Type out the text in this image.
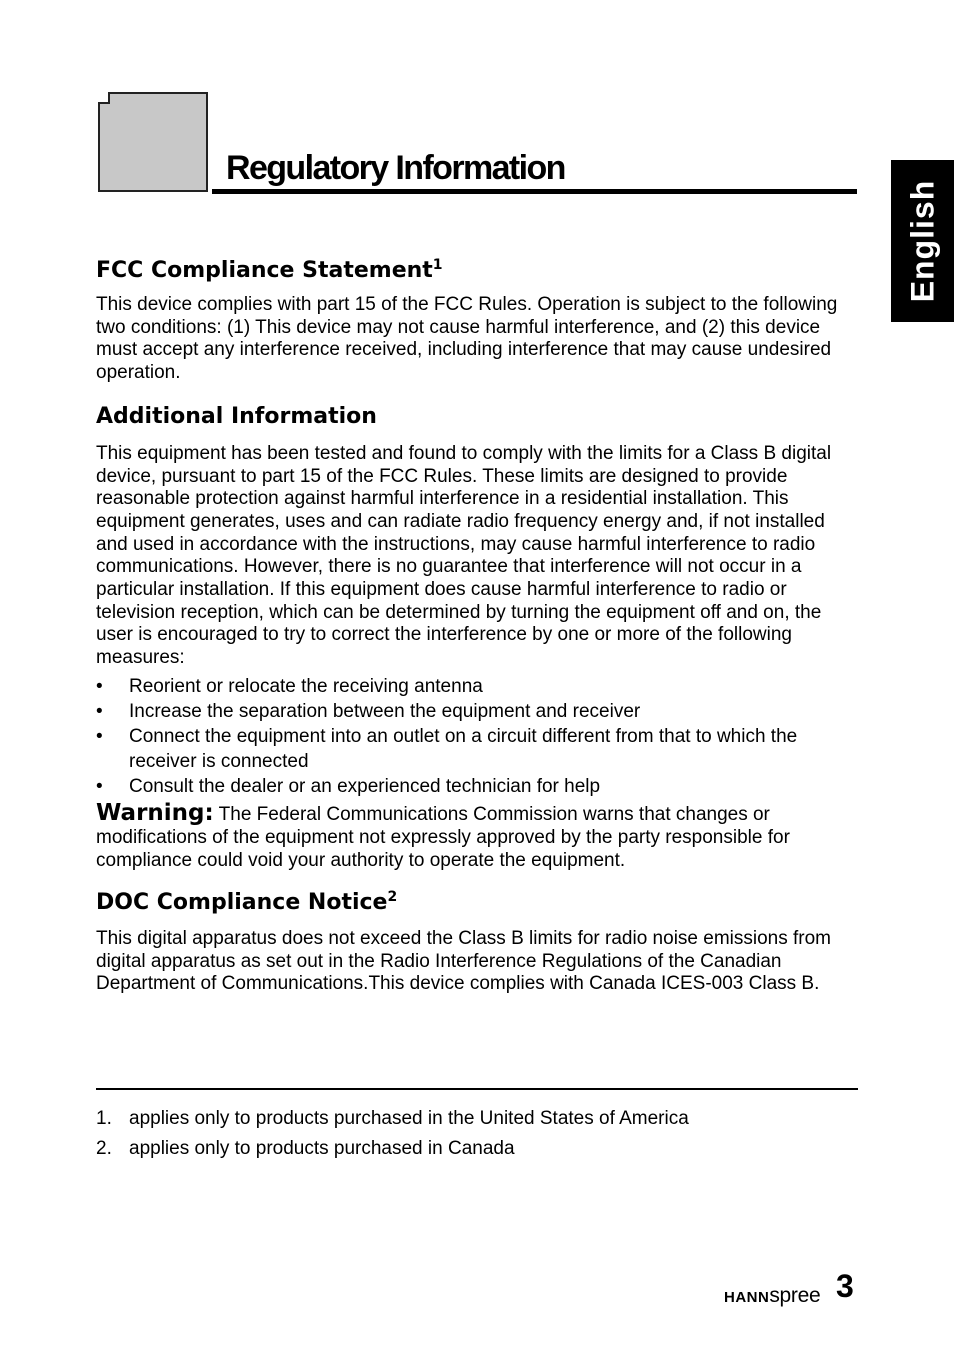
Regulatory Information
English
FCC Compliance Statement$^1$

This device complies with part 15 of the FCC Rules. Operation is subject to the following two conditions: (1) This device may not cause harmful interference, and (2) this device must accept any interference received, including interference that may cause undesired operation.

Additional Information

This equipment has been tested and found to comply with the limits for a Class B digital device, pursuant to part 15 of the FCC Rules. These limits are designed to provide reasonable protection against harmful interference in a residential installation. This equipment generates, uses and can radiate radio frequency energy and, if not installed and used in accordance with the instructions, may cause harmful interference to radio communications. However, there is no guarantee that interference will not occur in a particular installation. If this equipment does cause harmful interference to radio or television reception, which can be determined by turning the equipment off and on, the user is encouraged to try to correct the interference by one or more of the following measures:

• Reorient or relocate the receiving antenna
• Increase the separation between the equipment and receiver
• Connect the equipment into an outlet on a circuit different from that to which the receiver is connected
• Consult the dealer or an experienced technician for help

Warning: The Federal Communications Commission warns that changes or modifications of the equipment not expressly approved by the party responsible for compliance could void your authority to operate the equipment.

DOC Compliance Notice$^2$

This digital apparatus does not exceed the Class B limits for radio noise emissions from digital apparatus as set out in the Radio Interference Regulations of the Canadian Department of Communications.This device complies with Canada ICES-003 Class B.

1. applies only to products purchased in the United States of America
2. applies only to products purchased in Canada
HANNspree 3
